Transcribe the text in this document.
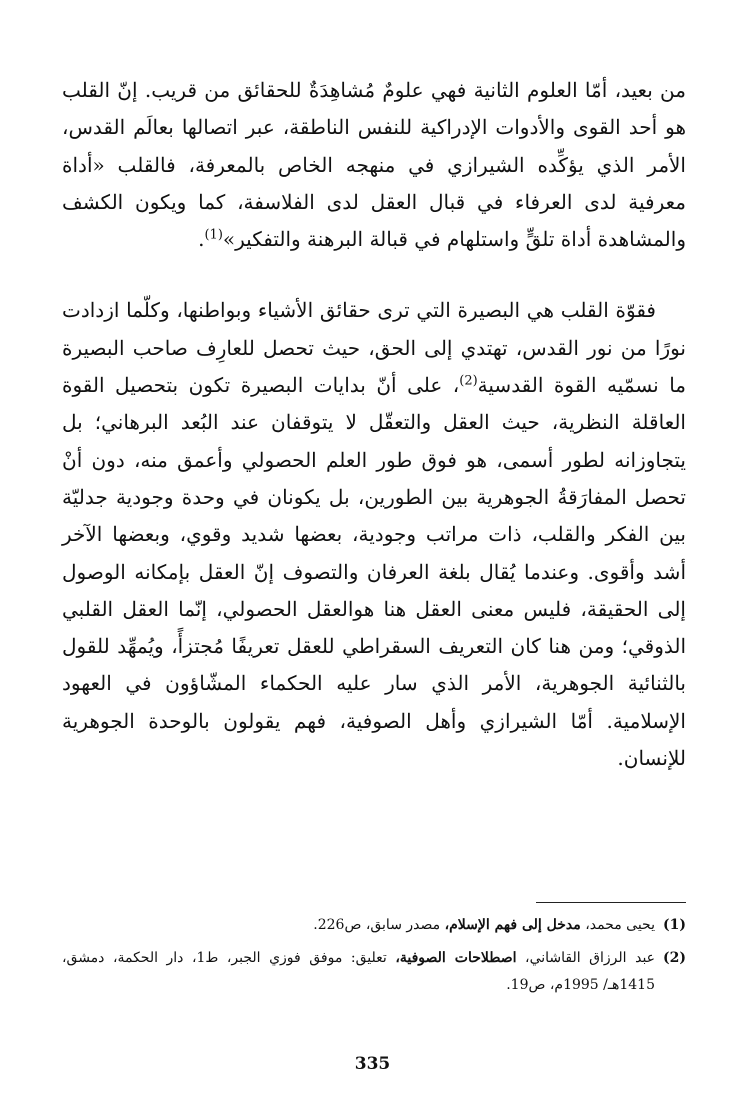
من بعيد، أمّا العلوم الثانية فهي علومٌ مُشاهِدَةٌ للحقائق من قريب. إنّ القلب هو أحد القوى والأدوات الإدراكية للنفس الناطقة، عبر اتصالها بعالَم القدس، الأمر الذي يؤكِّده الشيرازي في منهجه الخاص بالمعرفة، فالقلب «أداة معرفية لدى العرفاء في قبال العقل لدى الفلاسفة، كما ويكون الكشف والمشاهدة أداة تلقٍّ واستلهام في قبالة البرهنة والتفكير»$^{(1)}$.

فقوّة القلب هي البصيرة التي ترى حقائق الأشياء وبواطنها، وكلّما ازدادت نورًا من نور القدس، تهتدي إلى الحق، حيث تحصل للعارِف صاحب البصيرة ما نسمّيه القوة القدسية$^{(2)}$، على أنّ بدايات البصيرة تكون بتحصيل القوة العاقلة النظرية، حيث العقل والتعقّل لا يتوقفان عند البُعد البرهاني؛ بل يتجاوزانه لطور أسمى، هو فوق طور العلم الحصولي وأعمق منه، دون أنْ تحصل المفارَقةُ الجوهرية بين الطورين، بل يكونان في وحدة وجودية جدليّة بين الفكر والقلب، ذات مراتب وجودية، بعضها شديد وقوي، وبعضها الآخر أشد وأقوى. وعندما يُقال بلغة العرفان والتصوف إنّ العقل بإمكانه الوصول إلى الحقيقة، فليس معنى العقل هنا هوالعقل الحصولي، إنّما العقل القلبي الذوقي؛ ومن هنا كان التعريف السقراطي للعقل تعريفًا مُجتزأً، ويُمهِّد للقول بالثنائية الجوهرية، الأمر الذي سار عليه الحكماء المشّاؤون في العهود الإسلامية. أمّا الشيرازي وأهل الصوفية، فهم يقولون بالوحدة الجوهرية للإنسان.

(1)
يحيى محمد، مدخل إلى فهم الإسلام، مصدر سابق، ص226.
(2)
عبد الرزاق القاشاني، اصطلاحات الصوفية، تعليق: موفق فوزي الجبر، ط1، دار الحكمة، دمشق، 1415هـ/ 1995م، ص19.
335
